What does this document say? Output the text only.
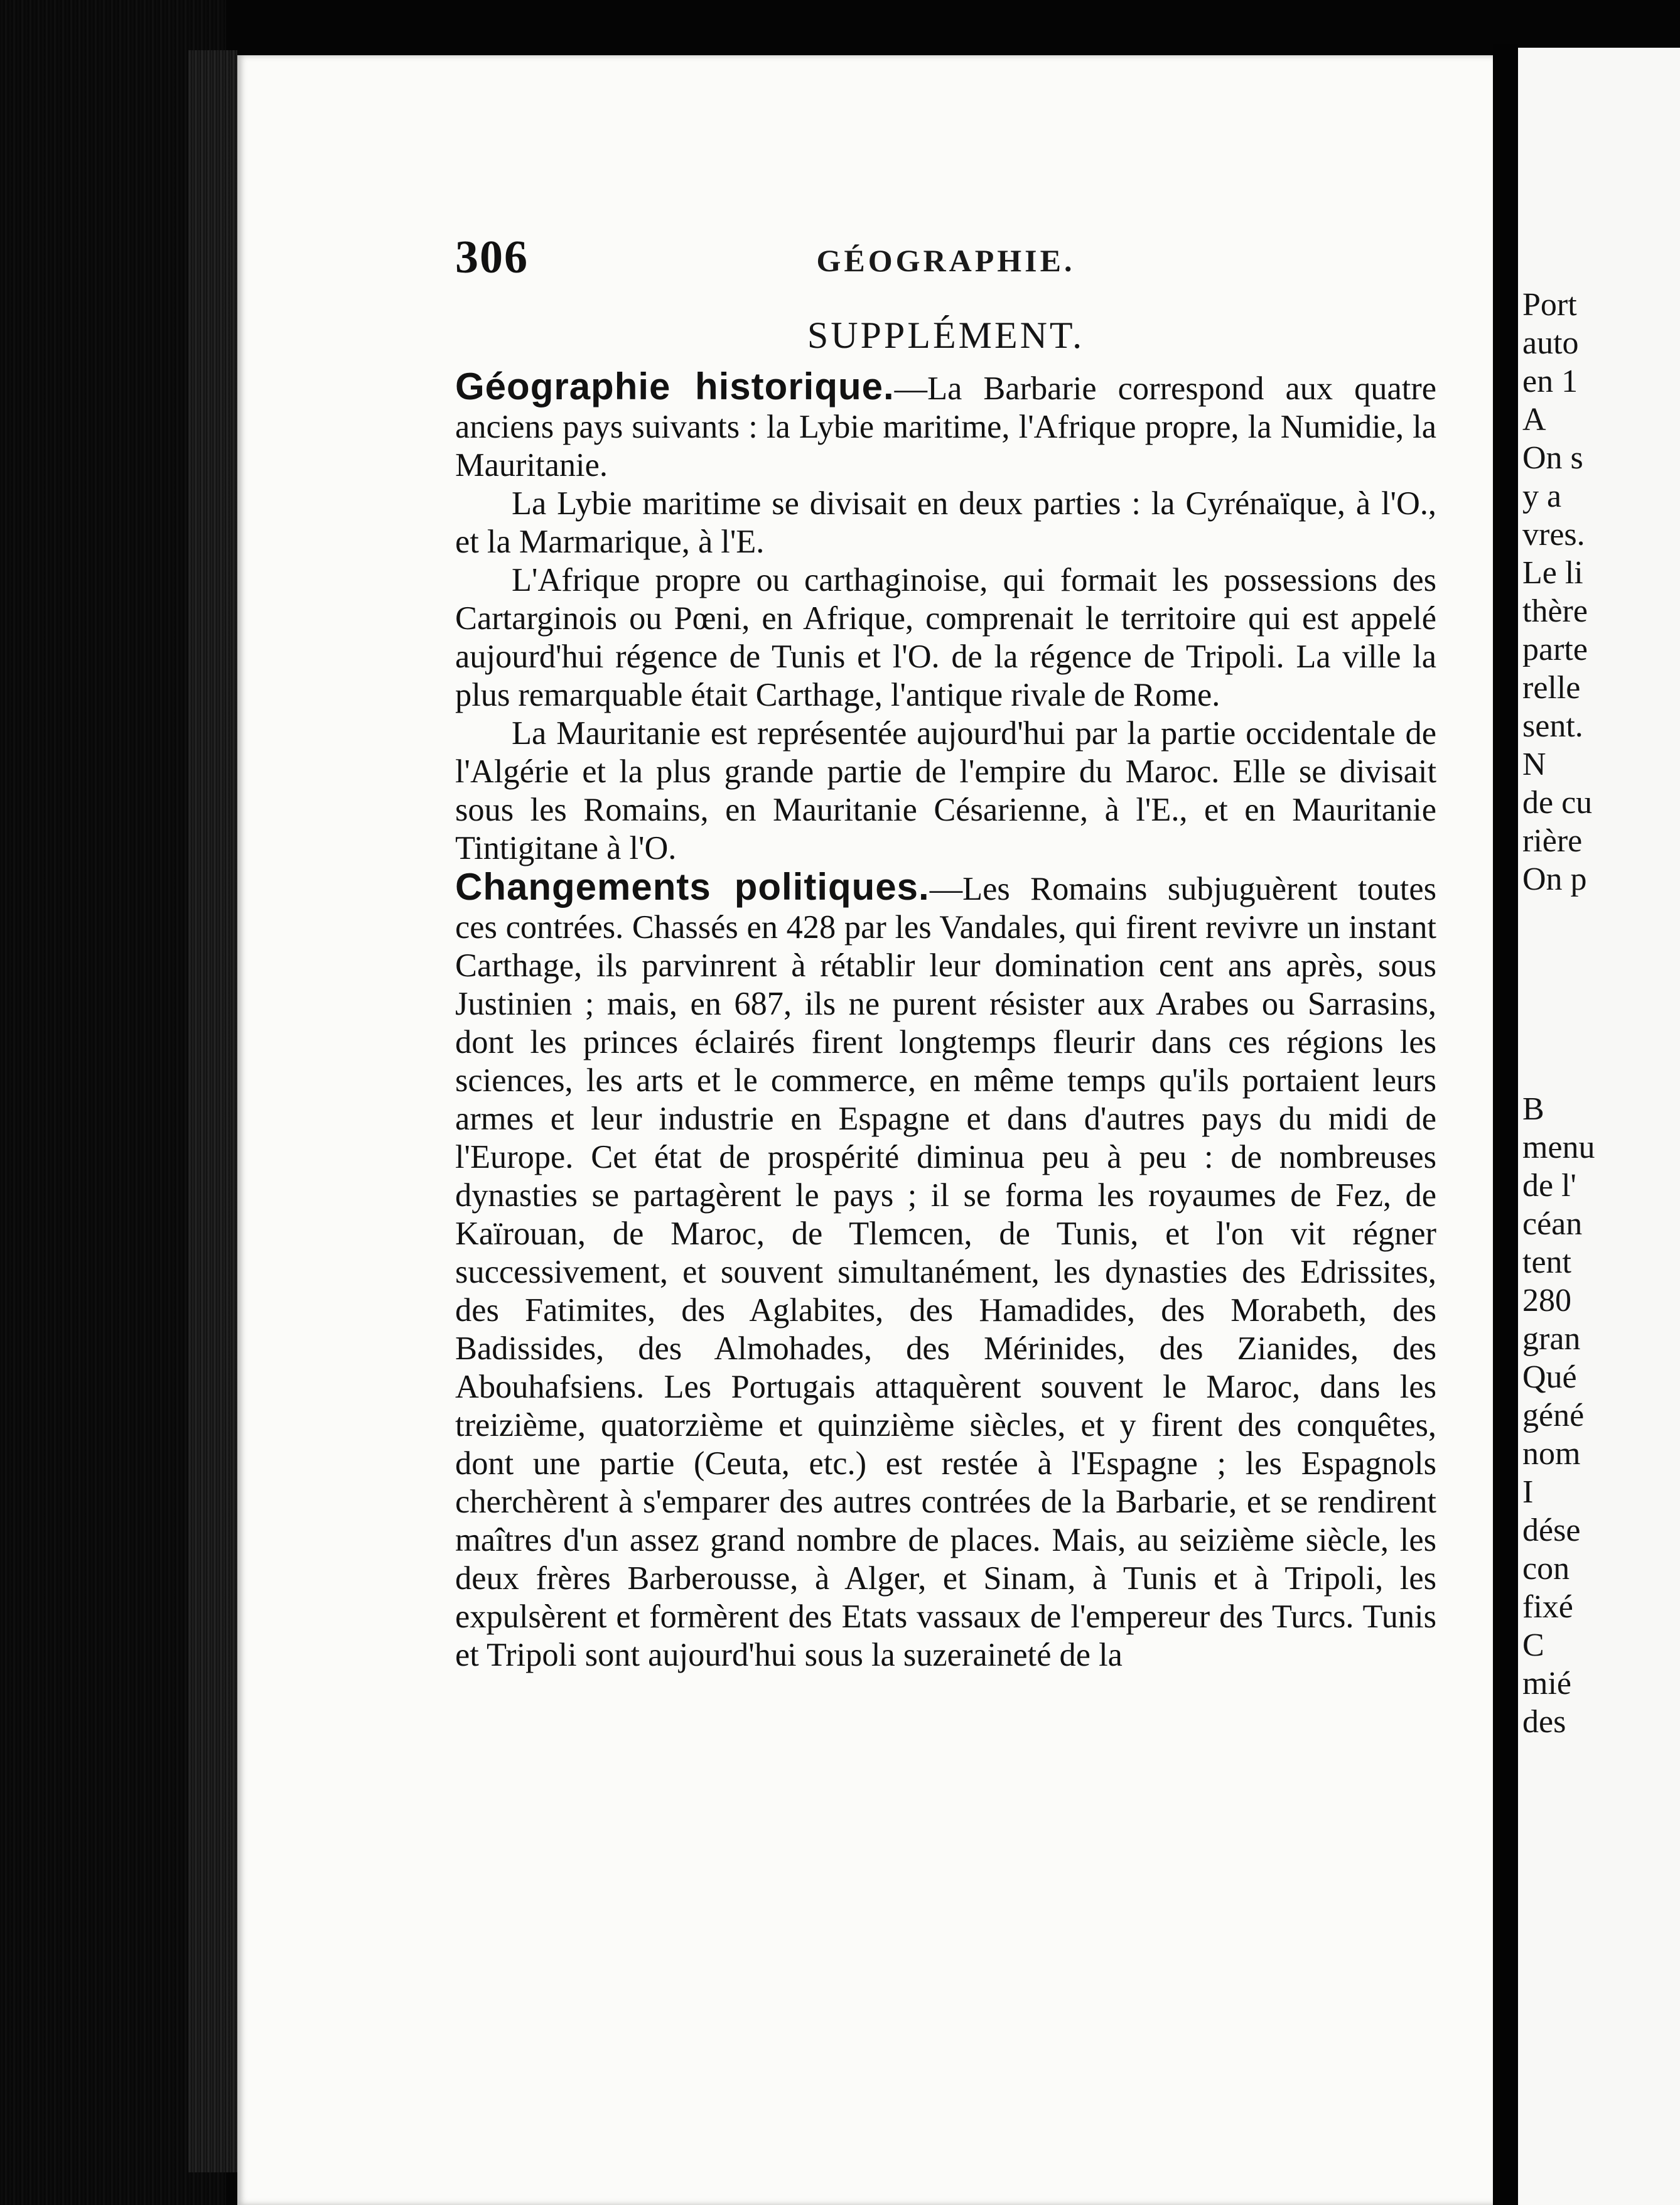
306	GÉOGRAPHIE.
SUPPLÉMENT.

Géographie historique.—La Barbarie correspond aux quatre anciens pays suivants : la Lybie maritime, l'Afrique propre, la Numidie, la Mauritanie.

La Lybie maritime se divisait en deux parties : la Cyrénaïque, à l'O., et la Marmarique, à l'E.

L'Afrique propre ou carthaginoise, qui formait les possessions des Cartarginois ou Pœni, en Afrique, comprenait le territoire qui est appelé aujourd'hui régence de Tunis et l'O. de la régence de Tripoli. La ville la plus remarquable était Carthage, l'antique rivale de Rome.

La Mauritanie est représentée aujourd'hui par la partie occidentale de l'Algérie et la plus grande partie de l'empire du Maroc. Elle se divisait sous les Romains, en Mauritanie Césarienne, à l'E., et en Mauritanie Tintigitane à l'O.

Changements politiques.—Les Romains subjuguèrent toutes ces contrées. Chassés en 428 par les Vandales, qui firent revivre un instant Carthage, ils parvinrent à rétablir leur domination cent ans après, sous Justinien ; mais, en 687, ils ne purent résister aux Arabes ou Sarrasins, dont les princes éclairés firent longtemps fleurir dans ces régions les sciences, les arts et le commerce, en même temps qu'ils portaient leurs armes et leur industrie en Espagne et dans d'autres pays du midi de l'Europe. Cet état de prospérité diminua peu à peu : de nombreuses dynasties se partagèrent le pays ; il se forma les royaumes de Fez, de Kaïrouan, de Maroc, de Tlemcen, de Tunis, et l'on vit régner successivement, et souvent simultanément, les dynasties des Edrissites, des Fatimites, des Aglabites, des Hamadides, des Morabeth, des Badissides, des Almohades, des Mérinides, des Zianides, des Abouhafsiens. Les Portugais attaquèrent souvent le Maroc, dans les treizième, quatorzième et quinzième siècles, et y firent des conquêtes, dont une partie (Ceuta, etc.) est restée à l'Espagne ; les Espagnols cherchèrent à s'emparer des autres contrées de la Barbarie, et se rendirent maîtres d'un assez grand nombre de places. Mais, au seizième siècle, les deux frères Barberousse, à Alger, et Sinam, à Tunis et à Tripoli, les expulsèrent et formèrent des Etats vassaux de l'empereur des Turcs. Tunis et Tripoli sont aujourd'hui sous la suzeraineté de la

Port
auto
en 1
A
On s
y a
vres.
Le li
thère
parte
relle
sent.
N
de cu
rière
On p
B
menu
de l'
céan
tent
280
gran
Qué
géné
nom
I
dése
con
fixé
C
mié
des
